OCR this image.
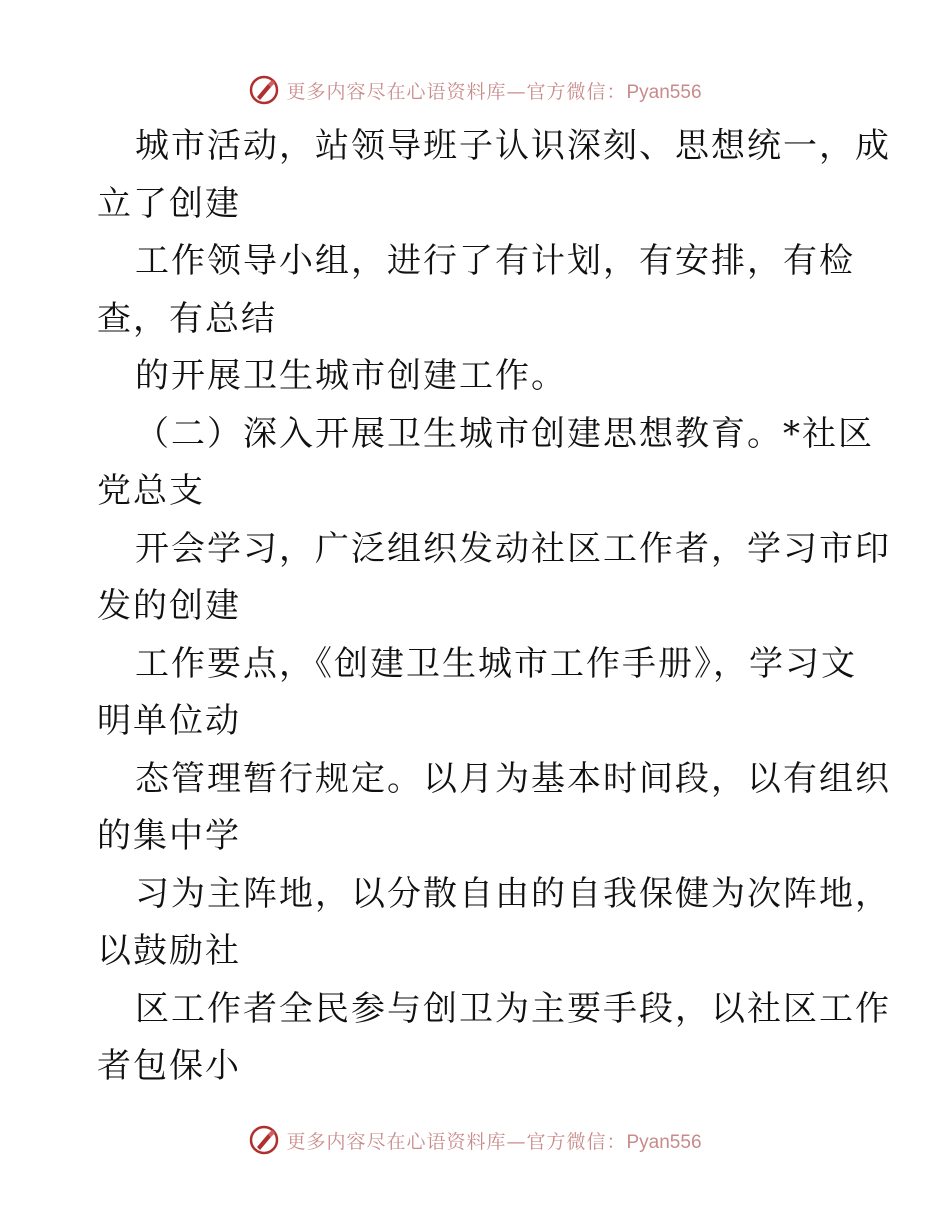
更多内容尽在心语资料库—官方微信：Pyan556
城市活动，站领导班子认识深刻、思想统一，成
立了创建
工作领导小组，进行了有计划，有安排，有检
查，有总结
的开展卫生城市创建工作。
（二）深入开展卫生城市创建思想教育。*社区
党总支
开会学习，广泛组织发动社区工作者，学习市印
发的创建
工作要点，《创建卫生城市工作手册》，学习文
明单位动
态管理暂行规定。以月为基本时间段，以有组织
的集中学
习为主阵地，以分散自由的自我保健为次阵地，
以鼓励社
区工作者全民参与创卫为主要手段，以社区工作
者包保小
更多内容尽在心语资料库—官方微信：Pyan556
